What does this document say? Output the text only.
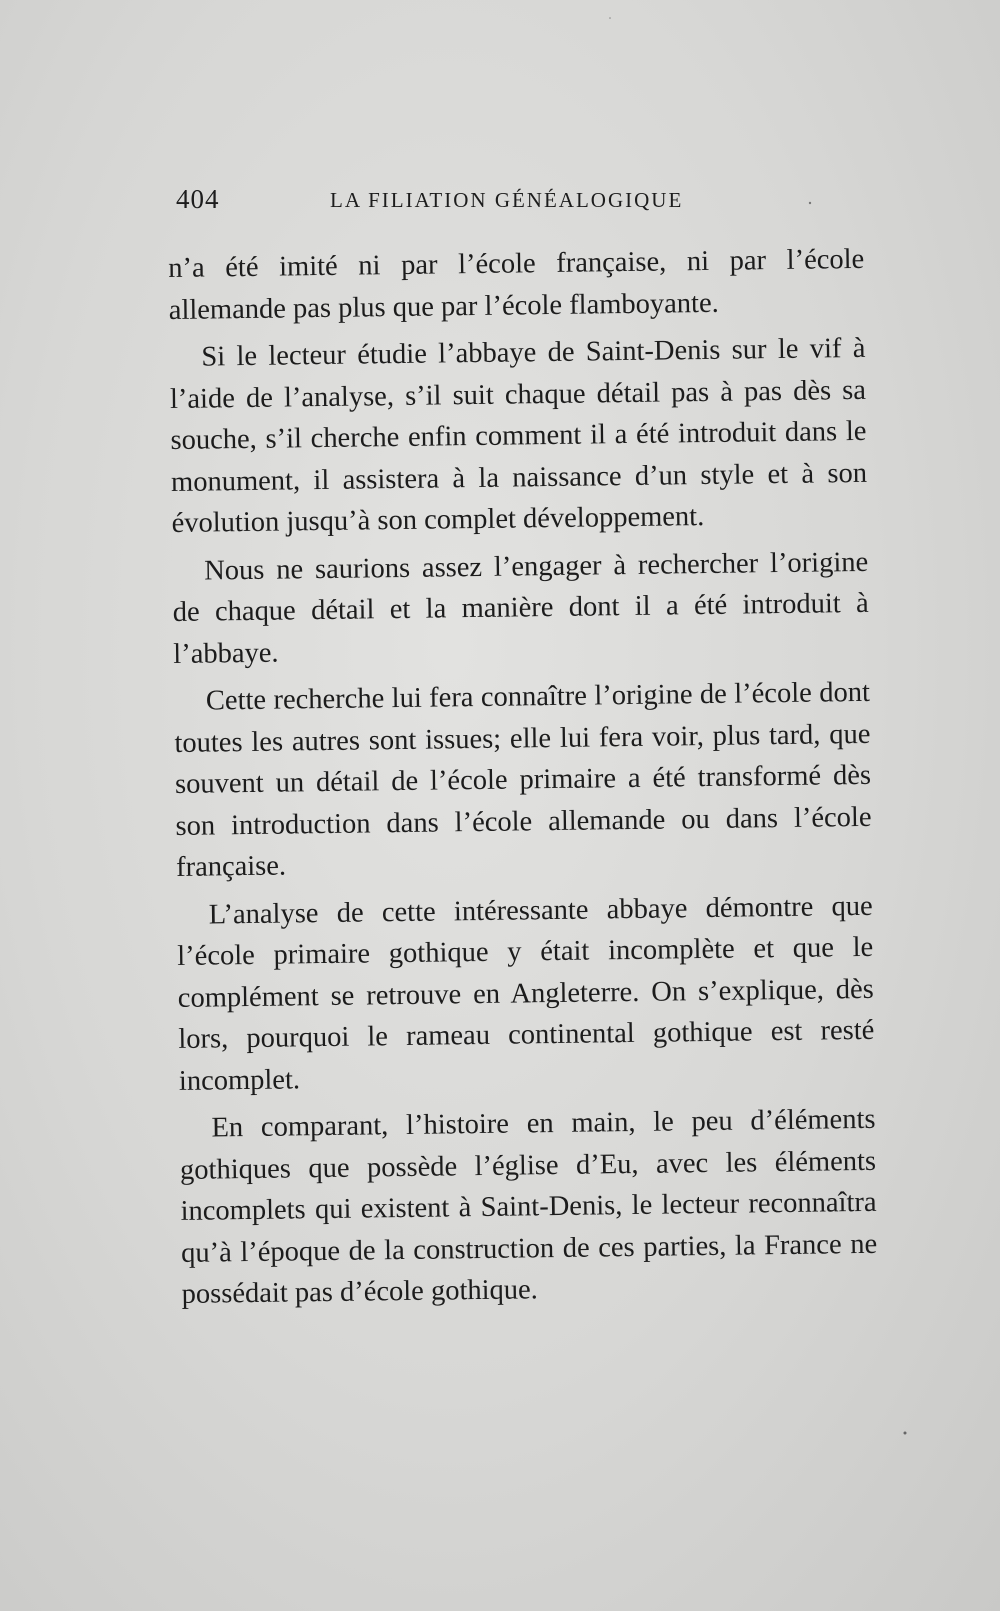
404	LA FILIATION GÉNÉALOGIQUE

n’a été imité ni par l’école française, ni par l’école allemande pas plus que par l’école flamboyante.

Si le lecteur étudie l’abbaye de Saint-Denis sur le vif à l’aide de l’analyse, s’il suit chaque détail pas à pas dès sa souche, s’il cherche enfin comment il a été introduit dans le monument, il assistera à la naissance d’un style et à son évolution jusqu’à son complet développement.

Nous ne saurions assez l’engager à rechercher l’origine de chaque détail et la manière dont il a été introduit à l’abbaye.

Cette recherche lui fera connaître l’origine de l’école dont toutes les autres sont issues; elle lui fera voir, plus tard, que souvent un détail de l’école primaire a été transformé dès son introduction dans l’école allemande ou dans l’école française.

L’analyse de cette intéressante abbaye démontre que l’école primaire gothique y était incomplète et que le complément se retrouve en Angleterre. On s’explique, dès lors, pourquoi le rameau continental gothique est resté incomplet.

En comparant, l’histoire en main, le peu d’éléments gothiques que possède l’église d’Eu, avec les éléments incomplets qui existent à Saint-Denis, le lecteur reconnaîtra qu’à l’époque de la construction de ces parties, la France ne possédait pas d’école gothique.
